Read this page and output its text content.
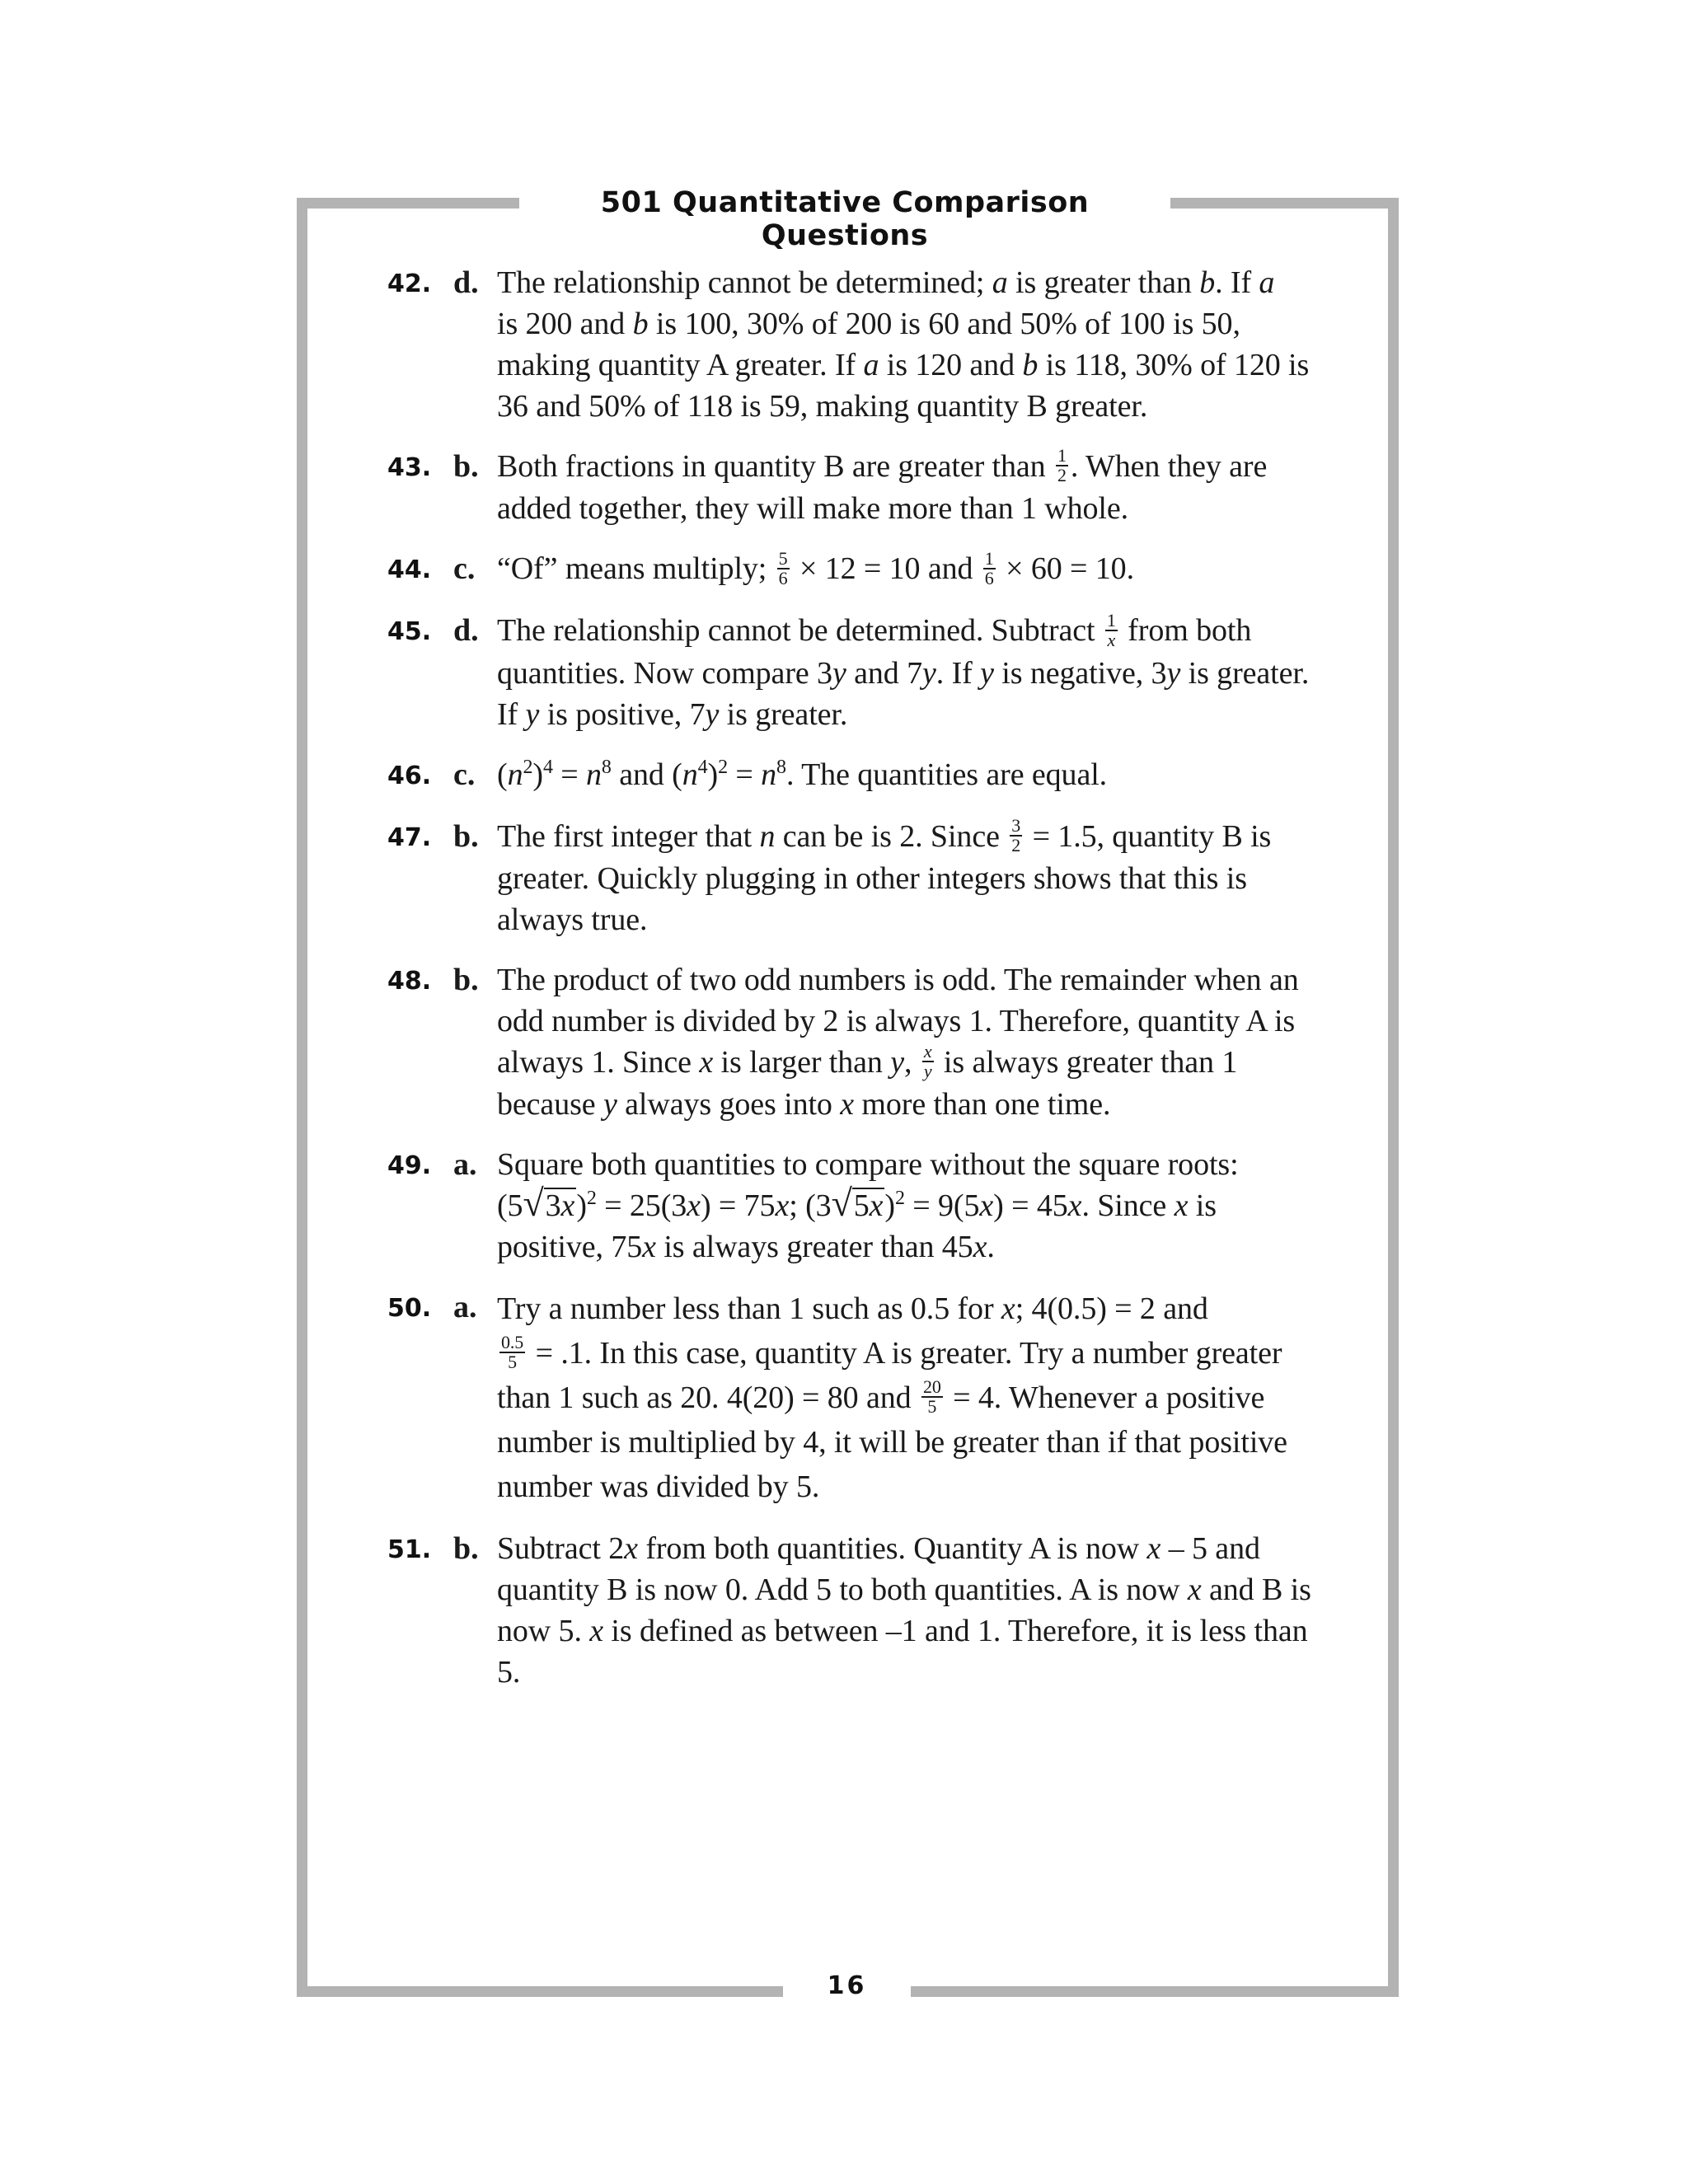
501 Quantitative Comparison Questions
42. d. The relationship cannot be determined; a is greater than b. If a
is 200 and b is 100, 30% of 200 is 60 and 50% of 100 is 50, making quantity A greater. If a is 120 and b is 118, 30% of 120 is 36 and 50% of 118 is 59, making quantity B greater.
43. b. Both fractions in quantity B are greater than $\frac{1}{2}$ . When they are added together, they will make more than 1 whole.
44. c. “Of” means multiply; $\frac{5}{6} \times 12 = 10$ and $\frac{1}{6} \times 60 = 10$.
45. d. The relationship cannot be determined. Subtract $\frac{1}{x}$ from both quantities. Now compare 3y and 7y. If y is negative, 3y is greater. If y is positive, 7y is greater.
46. c. $(n^2)^4 = n^8$ and $(n^4)^2 = n^8$. The quantities are equal.
47. b. The first integer that n can be is 2. Since $\frac{3}{2} = 1.5$, quantity B is greater. Quickly plugging in other integers shows that this is always true.
48. b. The product of two odd numbers is odd. The remainder when an odd number is divided by 2 is always 1. Therefore, quantity A is always 1. Since x is larger than y, $\frac{x}{y}$ is always greater than 1 because y always goes into x more than one time.
49. a. Square both quantities to compare without the square roots:
$(5√3x)^2 = 25(3x) = 75x$; $(3√5x)^2 = 9(5x) = 45x$. Since x is positive, 75x is always greater than 45x.
50. a. Try a number less than 1 such as 0.5 for x; 4(0.5) = 2 and

$\frac{0.5}{5} = .1$. In this case, quantity A is greater. Try a number greater than 1 such as 20. 4(20) = 80 and $\frac{20}{5} = 4$. Whenever a positive number is multiplied by 4, it will be greater than if that positive number was divided by 5.
51. b. Subtract 2x from both quantities. Quantity A is now x – 5 and quantity B is now 0. Add 5 to both quantities. A is now x and B is now 5. x is defined as between –1 and 1. Therefore, it is less than 5.
16
